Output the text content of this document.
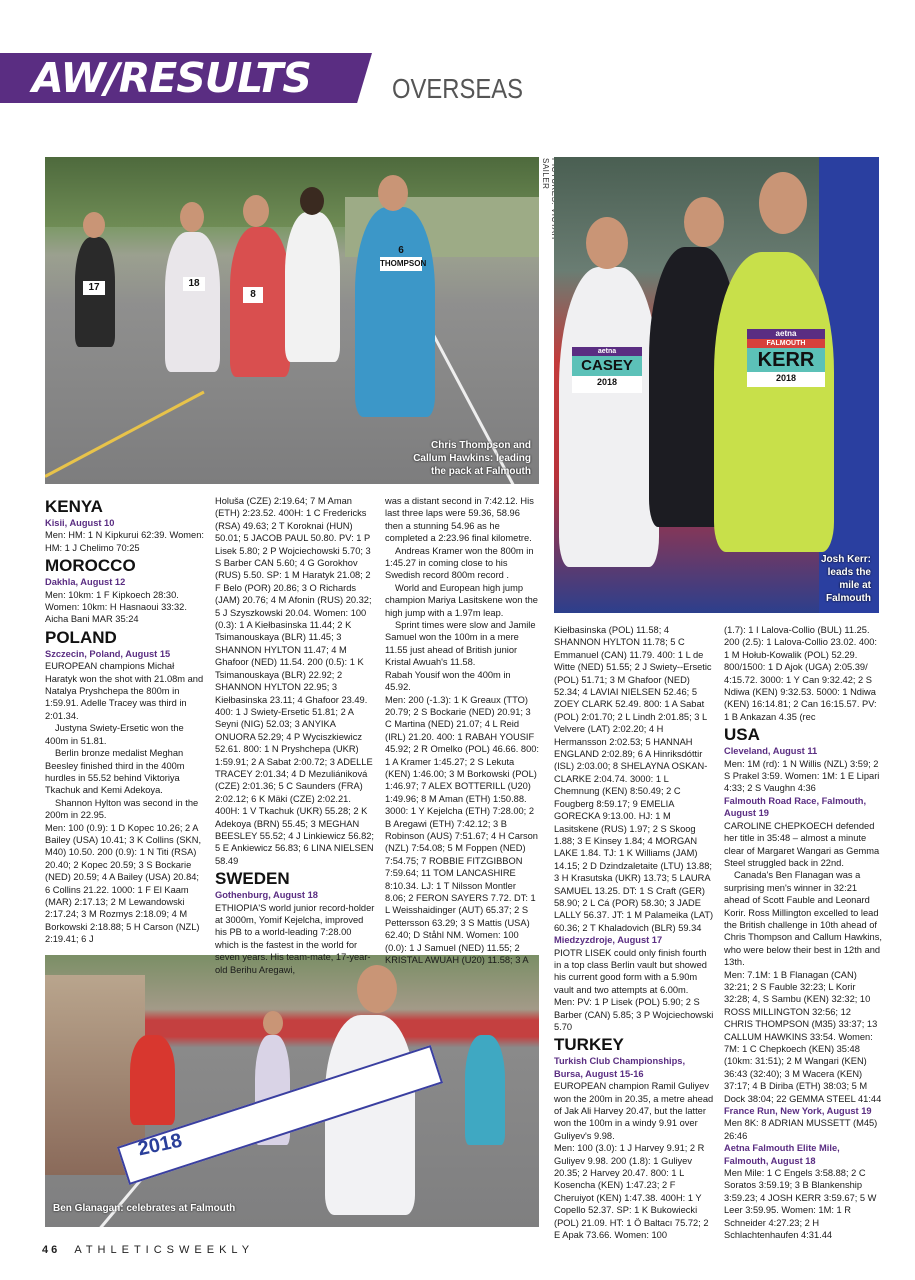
AW/RESULTS	OVERSEAS
THOMPSON
6
8
18
17
Chris Thompson and
Callum Hawkins: leading
the pack at Falmouth
SAILER
aetna
CASEY
2018
aetna
FALMOUTH
KERR
2018
Josh Kerr:
leads the
mile at
Falmouth
2018
Ben Glanagan: celebrates at Falmouth
KENYA

Kisii, August 10

Men: HM: 1 N Kipkurui 62:39. Women: HM: 1 J Chelimo 70:25

MOROCCO

Dakhla, August 12

Men: 10km: 1 F Kipkoech 28:30. Women: 10km: H Hasnaoui 33:32. Aicha Bani MAR 35:24

POLAND

Szczecin, Poland, August 15

EUROPEAN champions Michał Haratyk won the shot with 21.08m and Natalya Pryshchepa the 800m in 1:59.91. Adelle Tracey was third in 2:01.34.

Justyna Swiety-Ersetic won the 400m in 51.81.

Berlin bronze medalist Meghan Beesley finished third in the 400m hurdles in 55.52 behind Viktoriya Tkachuk and Kemi Adekoya.

Shannon Hylton was second in the 200m in 22.95.

Men: 100 (0.9): 1 D Kopec 10.26; 2 A Bailey (USA) 10.41; 3 K Collins (SKN, M40) 10.50. 200 (0.9): 1 N Titi (RSA) 20.40; 2 Kopec 20.59; 3 S Bockarie (NED) 20.59; 4 A Bailey (USA) 20.84; 6 Collins 21.22. 1000: 1 F El Kaam (MAR) 2:17.13; 2 M Lewandowski 2:17.24; 3 M Rozmys 2:18.09; 4 M Borkowski 2:18.88; 5 H Carson (NZL) 2:19.41; 6 J

Holuša (CZE) 2:19.64; 7 M Aman (ETH) 2:23.52. 400H: 1 C Fredericks (RSA) 49.63; 2 T Koroknai (HUN) 50.01; 5 JACOB PAUL 50.80. PV: 1 P Lisek 5.80; 2 P Wojciechowski 5.70; 3 S Barber CAN 5.60; 4 G Gorokhov (RUS) 5.50. SP: 1 M Haratyk 21.08; 2 F Belo (POR) 20.86; 3 O Richards (JAM) 20.76; 4 M Afonin (RUS) 20.32; 5 J Szyszkowski 20.04. Women: 100 (0.3): 1 A Kiełbasinska 11.44; 2 K Tsimanouskaya (BLR) 11.45; 3 SHANNON HYLTON 11.47; 4 M Ghafoor (NED) 11.54. 200 (0.5): 1 K Tsimanouskaya (BLR) 22.92; 2 SHANNON HYLTON 22.95; 3 Kiełbasinska 23.11; 4 Ghafoor 23.49. 400: 1 J Swiety-Ersetic 51.81; 2 A Seyni (NIG) 52.03; 3 ANYIKA ONUORA 52.29; 4 P Wyciszkiewicz 52.61. 800: 1 N Pryshchepa (UKR) 1:59.91; 2 A Sabat 2:00.72; 3 ADELLE TRACEY 2:01.34; 4 D Mezuliániková (CZE) 2:01.36; 5 C Saunders (FRA) 2:02.12; 6 K Mäki (CZE) 2:02.21. 400H: 1 V Tkachuk (UKR) 55.28; 2 K Adekoya (BRN) 55.45; 3 MEGHAN BEESLEY 55.52; 4 J Linkiewicz 56.82; 5 E Ankiewicz 56.83; 6 LINA NIELSEN 58.49

SWEDEN

Gothenburg, August 18

ETHIOPIA'S world junior record-holder at 3000m, Yomif Kejelcha, improved his PB to a world-leading 7:28.00 which is the fastest in the world for seven years. His team-mate, 17-year-old Berihu Aregawi,

was a distant second in 7:42.12. His last three laps were 59.36, 58.96 then a stunning 54.96 as he completed a 2:23.96 final kilometre.

Andreas Kramer won the 800m in 1:45.27 in coming close to his Swedish record 800m record .

World and European high jump champion Mariya Lasitskene won the high jump with a 1.97m leap.

Sprint times were slow and Jamile Samuel won the 100m in a mere 11.55 just ahead of British junior Kristal Awuah's 11.58.

Rabah Yousif won the 400m in 45.92.

Men: 200 (-1.3): 1 K Greaux (TTO) 20.79; 2 S Bockarie (NED) 20.91; 3 C Martina (NED) 21.07; 4 L Reid (IRL) 21.20. 400: 1 RABAH YOUSIF 45.92; 2 R Omelko (POL) 46.66. 800: 1 A Kramer 1:45.27; 2 S Lekuta (KEN) 1:46.00; 3 M Borkowski (POL) 1:46.97; 7 ALEX BOTTERILL (U20) 1:49.96; 8 M Aman (ETH) 1:50.88. 3000: 1 Y Kejelcha (ETH) 7:28.00; 2 B Aregawi (ETH) 7:42.12; 3 B Robinson (AUS) 7:51.67; 4 H Carson (NZL) 7:54.08; 5 M Foppen (NED) 7:54.75; 7 ROBBIE FITZGIBBON 7:59.64; 11 TOM LANCASHIRE 8:10.34. LJ: 1 T Nilsson Montler 8.06; 2 FERON SAYERS 7.72. DT: 1 L Weisshaidinger (AUT) 65.37; 2 S Pettersson 63.29; 3 S Mattis (USA) 62.40; D Ståhl NM. Women: 100 (0.0): 1 J Samuel (NED) 11.55; 2 KRISTAL AWUAH (U20) 11.58; 3 A

Kiełbasinska (POL) 11.58; 4 SHANNON HYLTON 11.78; 5 C Emmanuel (CAN) 11.79. 400: 1 L de Witte (NED) 51.55; 2 J Swiety--Ersetic (POL) 51.71; 3 M Ghafoor (NED) 52.34; 4 LAVIAI NIELSEN 52.46; 5 ZOEY CLARK 52.49. 800: 1 A Sabat (POL) 2:01.70; 2 L Lindh 2:01.85; 3 L Velvere (LAT) 2:02.20; 4 H Hermansson 2:02.53; 5 HANNAH ENGLAND 2:02.89; 6 A Hinriksdóttir (ISL) 2:03.00; 8 SHELAYNA OSKAN-CLARKE 2:04.74. 3000: 1 L Chemnung (KEN) 8:50.49; 2 C Fougberg 8:59.17; 9 EMELIA GORECKA 9:13.00. HJ: 1 M Lasitskene (RUS) 1.97; 2 S Skoog 1.88; 3 E Kinsey 1.84; 4 MORGAN LAKE 1.84. TJ: 1 K Williams (JAM) 14.15; 2 D Dzindzaletaite (LTU) 13.88; 3 H Krasutska (UKR) 13.73; 5 LAURA SAMUEL 13.25. DT: 1 S Craft (GER) 58.90; 2 L Cá (POR) 58.30; 3 JADE LALLY 56.37. JT: 1 M Palameika (LAT) 60.36; 2 T Khaladovich (BLR) 59.34

Miedzyzdroje, August 17

PIOTR LISEK could only finish fourth in a top class Berlin vault but showed his current good form with a 5.90m vault and two attempts at 6.00m.

Men: PV: 1 P Lisek (POL) 5.90; 2 S Barber (CAN) 5.85; 3 P Wojciechowski 5.70

TURKEY

Turkish Club Championships, Bursa, August 15-16

EUROPEAN champion Ramil Guliyev won the 200m in 20.35, a metre ahead of Jak Ali Harvey 20.47, but the latter won the 100m in a windy 9.91 over Guliyev's 9.98.

Men: 100 (3.0): 1 J Harvey 9.91; 2 R Guliyev 9.98. 200 (1.8): 1 Guliyev 20.35; 2 Harvey 20.47. 800: 1 L Kosencha (KEN) 1:47.23; 2 F Cheruiyot (KEN) 1:47.38. 400H: 1 Y Copello 52.37. SP: 1 K Bukowiecki (POL) 21.09. HT: 1 Ö Baltacı 75.72; 2 E Apak 73.66. Women: 100

(1.7): 1 I Lalova-Collio (BUL) 11.25. 200 (2.5): 1 Lalova-Collio 23.02. 400: 1 M Hołub-Kowalik (POL) 52.29. 800/1500: 1 D Ajok (UGA) 2:05.39/ 4:15.72. 3000: 1 Y Can 9:32.42; 2 S Ndiwa (KEN) 9:32.53. 5000: 1 Ndiwa (KEN) 16:14.81; 2 Can 16:15.57. PV: 1 B Ankazan 4.35 (rec

USA

Cleveland, August 11

Men: 1M (rd): 1 N Willis (NZL) 3:59; 2 S Prakel 3:59. Women: 1M: 1 E Lipari 4:33; 2 S Vaughn 4:36

Falmouth Road Race, Falmouth, August 19

CAROLINE CHEPKOECH defended her title in 35:48 – almost a minute clear of Margaret Wangari as Gemma Steel struggled back in 22nd.

Canada's Ben Flanagan was a surprising men's winner in 32:21 ahead of Scott Fauble and Leonard Korir. Ross Millington excelled to lead the British challenge in 10th ahead of Chris Thompson and Callum Hawkins, who were below their best in 12th and 13th.

Men: 7.1M: 1 B Flanagan (CAN) 32:21; 2 S Fauble 32:23; L Korir 32:28; 4, S Sambu (KEN) 32:32; 10 ROSS MILLINGTON 32:56; 12 CHRIS THOMPSON (M35) 33:37; 13 CALLUM HAWKINS 33:54. Women: 7M: 1 C Chepkoech (KEN) 35:48 (10km: 31:51); 2 M Wangari (KEN) 36:43 (32:40); 3 M Wacera (KEN) 37:17; 4 B Diriba (ETH) 38:03; 5 M Dock 38:04; 22 GEMMA STEEL 41:44

France Run, New York, August 19

Men 8K: 8 ADRIAN MUSSETT (M45) 26:46

Aetna Falmouth Elite Mile, Falmouth, August 18

Men Mile: 1 C Engels 3:58.88; 2 C Soratos 3:59.19; 3 B Blankenship 3:59.23; 4 JOSH KERR 3:59.67; 5 W Leer 3:59.95. Women: 1M: 1 R Schneider 4:27.23; 2 H Schlachtenhaufen 4:31.44

46 ATHLETICSWEEKLY
